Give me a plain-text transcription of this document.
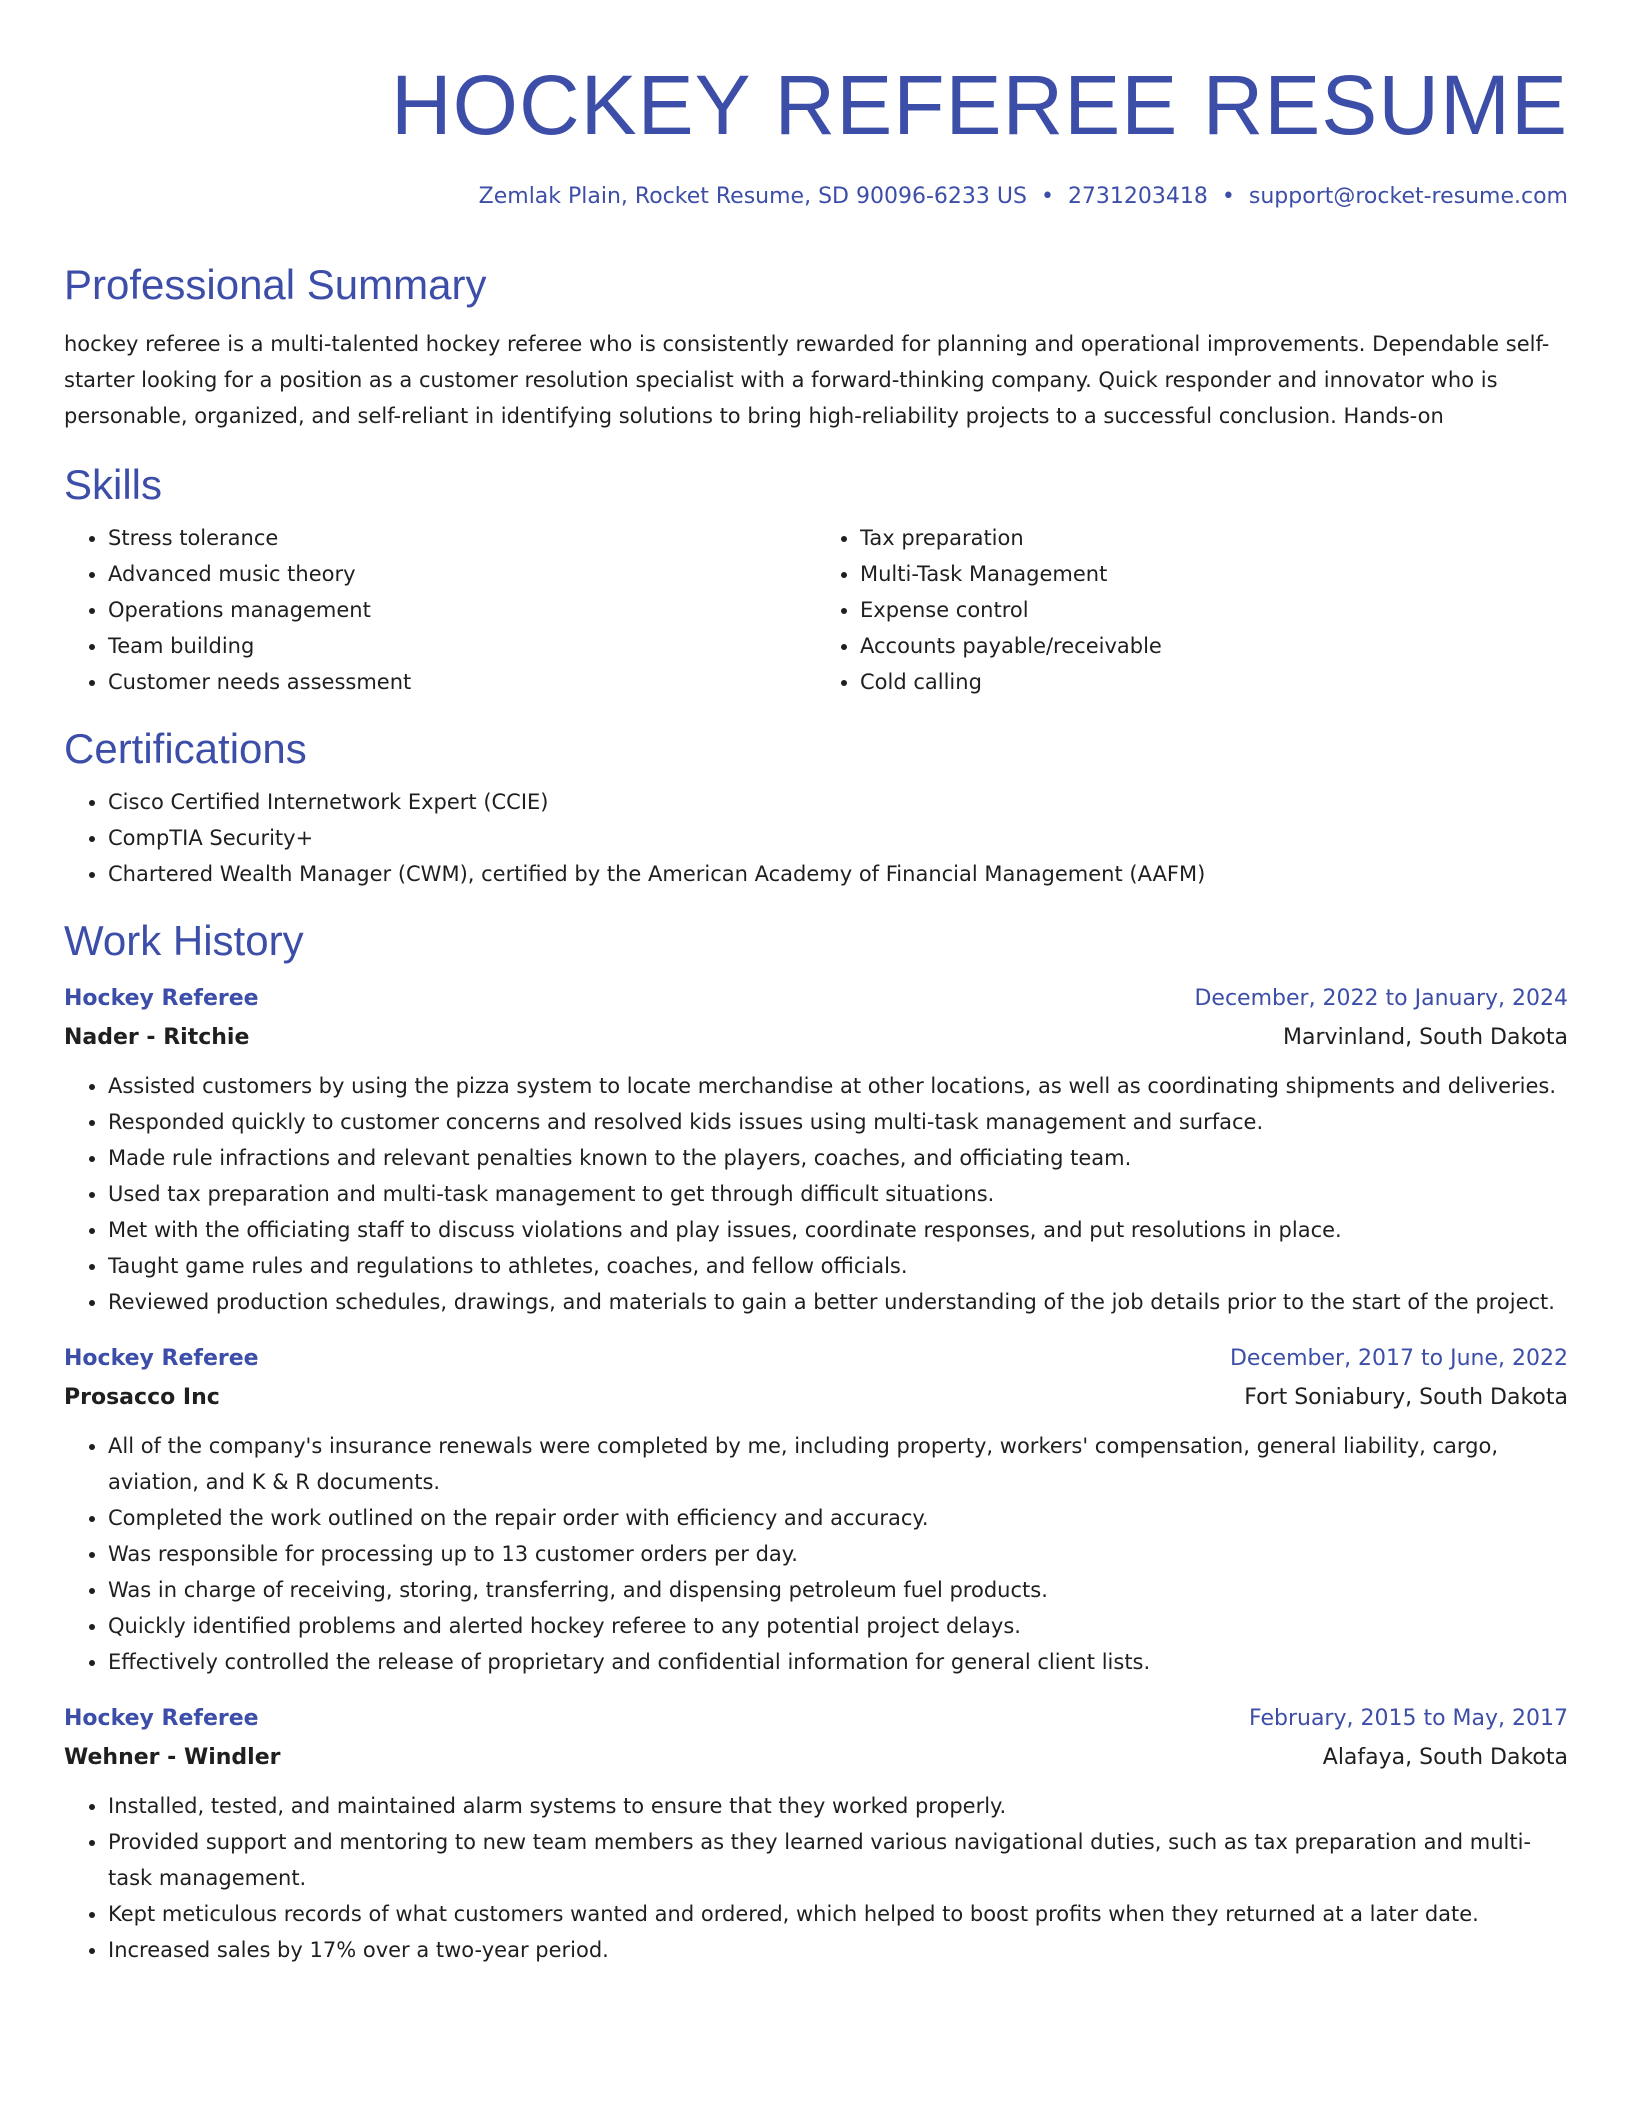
HOCKEY REFEREE RESUME
Zemlak Plain, Rocket Resume, SD 90096-6233 US • 2731203418 • support@rocket-resume.com
Professional Summary

hockey referee is a multi-talented hockey referee who is consistently rewarded for planning and operational improvements. Dependable self-starter looking for a position as a customer resolution specialist with a forward-thinking company. Quick responder and innovator who is personable, organized, and self-reliant in identifying solutions to bring high-reliability projects to a successful conclusion. Hands-on

Skills
• Stress tolerance
• Advanced music theory
• Operations management
• Team building
• Customer needs assessment
• Tax preparation
• Multi-Task Management
• Expense control
• Accounts payable/receivable
• Cold calling
Certifications
• Cisco Certified Internetwork Expert (CCIE)
• CompTIA Security+
• Chartered Wealth Manager (CWM), certified by the American Academy of Financial Management (AAFM)
Work History
Hockey Referee	December, 2022 to January, 2024
Nader - Ritchie	Marvinland, South Dakota
• Assisted customers by using the pizza system to locate merchandise at other locations, as well as coordinating shipments and deliveries.
• Responded quickly to customer concerns and resolved kids issues using multi-task management and surface.
• Made rule infractions and relevant penalties known to the players, coaches, and officiating team.
• Used tax preparation and multi-task management to get through difficult situations.
• Met with the officiating staff to discuss violations and play issues, coordinate responses, and put resolutions in place.
• Taught game rules and regulations to athletes, coaches, and fellow officials.
• Reviewed production schedules, drawings, and materials to gain a better understanding of the job details prior to the start of the project.
Hockey Referee	December, 2017 to June, 2022
Prosacco Inc	Fort Soniabury, South Dakota
• All of the company's insurance renewals were completed by me, including property, workers' compensation, general liability, cargo, aviation, and K & R documents.
• Completed the work outlined on the repair order with efficiency and accuracy.
• Was responsible for processing up to 13 customer orders per day.
• Was in charge of receiving, storing, transferring, and dispensing petroleum fuel products.
• Quickly identified problems and alerted hockey referee to any potential project delays.
• Effectively controlled the release of proprietary and confidential information for general client lists.
Hockey Referee	February, 2015 to May, 2017
Wehner - Windler	Alafaya, South Dakota
• Installed, tested, and maintained alarm systems to ensure that they worked properly.
• Provided support and mentoring to new team members as they learned various navigational duties, such as tax preparation and multi-task management.
• Kept meticulous records of what customers wanted and ordered, which helped to boost profits when they returned at a later date.
• Increased sales by 17% over a two-year period.
